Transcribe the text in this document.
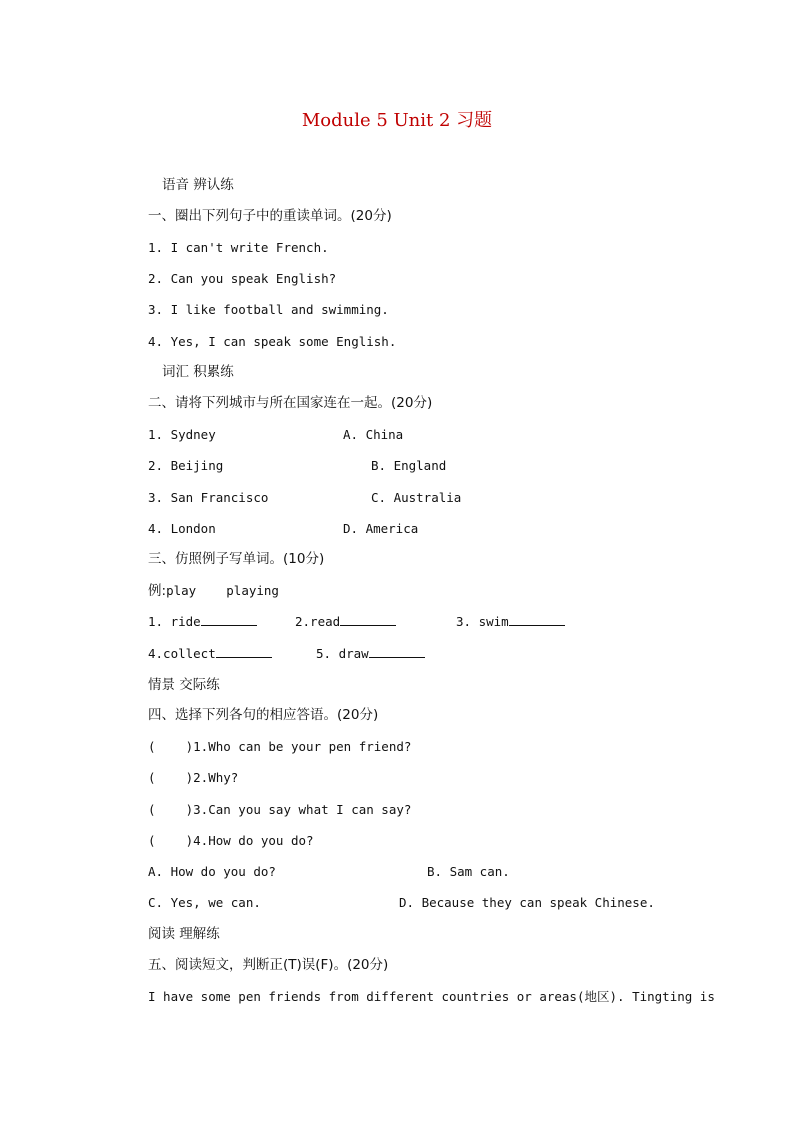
Module 5 Unit 2 习题
语音 辨认练
一、圈出下列句子中的重读单词。(20分)
1. I can't write French.
2. Can you speak English?
3. I like football and swimming.
4. Yes, I can speak some English.
词汇 积累练
二、请将下列城市与所在国家连在一起。(20分)
1. Sydney	A. China
2. Beijing	B. England
3. San Francisco	C. Australia
4. London	D. America
三、仿照例子写单词。(10分)
例:play    playing
1. ride	2.read	3. swim
4.collect	5. draw
情景 交际练
四、选择下列各句的相应答语。(20分)
(    )1.Who can be your pen friend?
(    )2.Why?
(    )3.Can you say what I can say?
(    )4.How do you do?
A. How do you do?	B. Sam can.
C. Yes, we can.	D. Because they can speak Chinese.
阅读 理解练
五、阅读短文，判断正(T)误(F)。(20分)
I have some pen friends from different countries or areas(地区). Tingting is
